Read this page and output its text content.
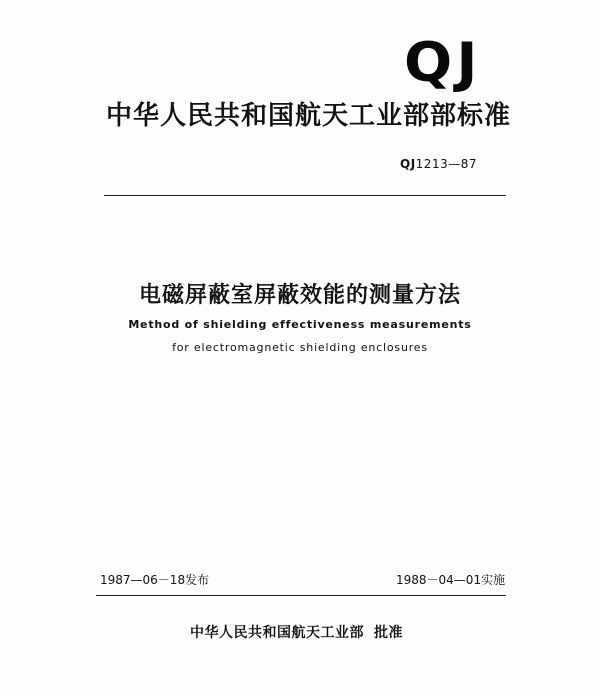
QJ
中华人民共和国航天工业部部标准
QJ1213—87
电磁屏蔽室屏蔽效能的测量方法
Method of shielding effectiveness measurements
for electromagnetic shielding enclosures
1987—06－18发布	1988－04—01实施
中华人民共和国航天工业部 批准
